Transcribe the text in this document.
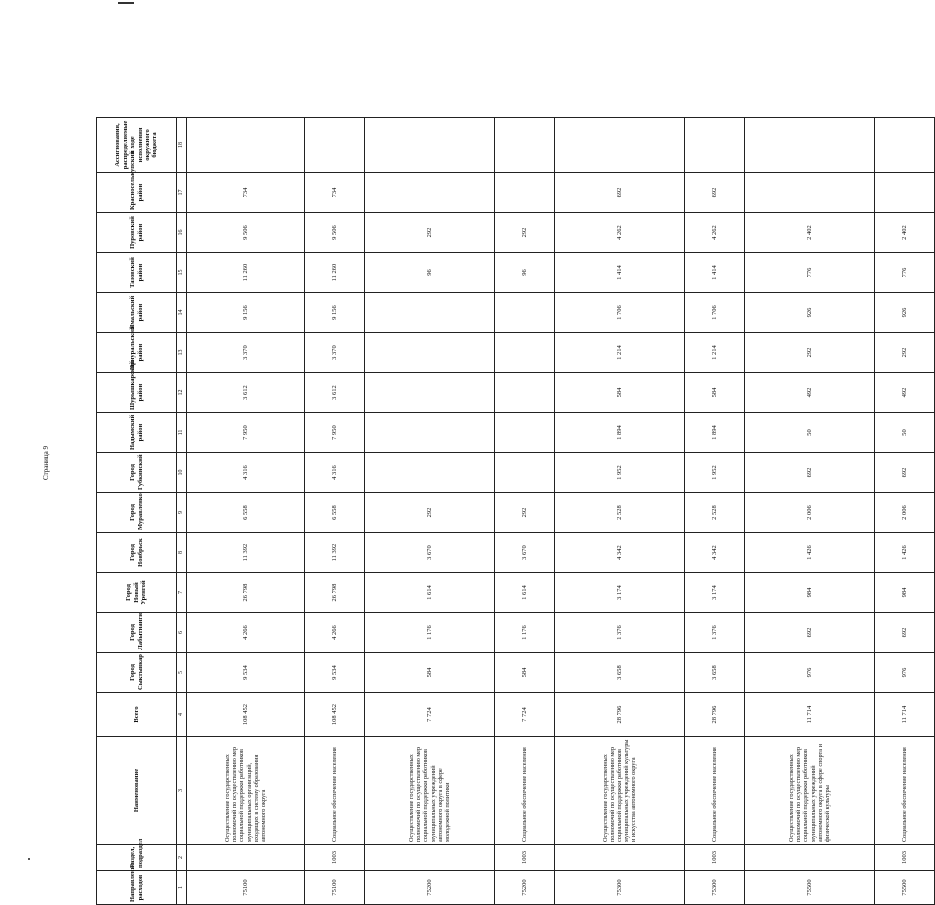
Страница 9
Направление расходов	Раздел, подраздел	Наименование	Всего	Город Сыктывкар	Город Лабытнанги	Город Новый Уренгой	Город Ноябрьск	Город Муравленко	Город Губкинский	Надымский район	Шурышкарский район	Приуральский район	Ямальский район	Тазовский район	Пуровский район	Красноселькупский район	Ассигнования, распределяемые в ходе исполнения окружного бюджета
1	2	3	4	5	6	7	8	9	10	11	12	13	14	15	16	17	18
75100		Осуществление государственных полномочий по осуществлению мер социальной поддержки работников муниципальных организаций, входящих в систему образования автономного округа	108 452	9 534	4 266	26 798	11 392	6 558	4 316	7 950	3 612	3 370	9 156	11 260	9 506	734	
75100	1003	Социальное обеспечение населения	108 452	9 534	4 266	26 798	11 392	6 558	4 316	7 950	3 612	3 370	9 156	11 260	9 506	734	
75200		Осуществление государственных полномочий по осуществлению мер социальной поддержки работников муниципальных учреждений автономного округа в сфере молодежной политики	7 724	584	1 176	1 614	3 670	292						96	292		
75200	1003	Социальное обеспечение населения	7 724	584	1 176	1 614	3 670	292						96	292		
75300		Осуществление государственных полномочий по осуществлению мер социальной поддержки работников муниципальных учреждений культуры и искусства автономного округа	28 796	3 658	1 376	3 174	4 342	2 528	1 952	1 894	584	1 214	1 706	1 414	4 262	692	
75300	1003	Социальное обеспечение населения	28 796	3 658	1 376	3 174	4 342	2 528	1 952	1 894	584	1 214	1 706	1 414	4 262	692	
75500		Осуществление государственных полномочий по осуществлению мер социальной поддержки работников муниципальных учреждений автономного округа в сфере спорта и физической культуры	11 714	976	692	984	1 426	2 006	692	50	492	292	926	776	2 402		
75500	1003	Социальное обеспечение населения	11 714	976	692	984	1 426	2 006	692	50	492	292	926	776	2 402		
